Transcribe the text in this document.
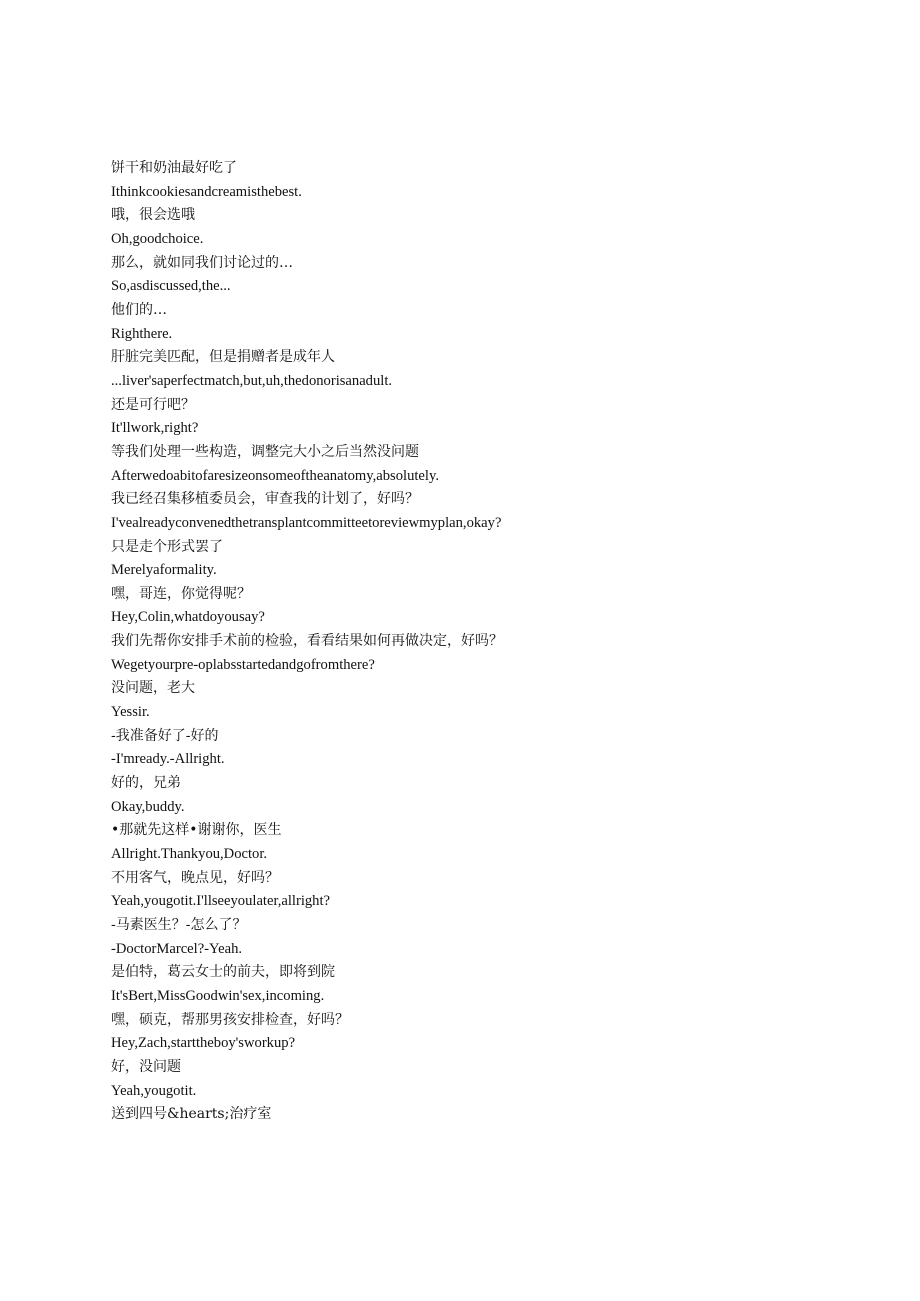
饼干和奶油最好吃了
Ithinkcookiesandcreamisthebest.
哦，很会选哦
Oh,goodchoice.
那么，就如同我们讨论过的…
So,asdiscussed,the...
他们的…
Righthere.
肝脏完美匹配，但是捐赠者是成年人
...liver'saperfectmatch,but,uh,thedonorisanadult.
还是可行吧？
It'llwork,right?
等我们处理一些构造，调整完大小之后当然没问题
Afterwedoabitofaresizeonsomeoftheanatomy,absolutely.
我已经召集移植委员会，审查我的计划了，好吗？
I'vealreadyconvenedthetransplantcommitteetoreviewmyplan,okay?
只是走个形式罢了
Merelyaformality.
嘿，哥连，你觉得呢？
Hey,Colin,whatdoyousay?
我们先帮你安排手术前的检验，看看结果如何再做决定，好吗？
Wegetyourpre-oplabsstartedandgofromthere?
没问题，老大
Yessir.
-我准备好了-好的
-I'mready.-Allright.
好的，兄弟
Okay,buddy.
•那就先这样•谢谢你，医生
Allright.Thankyou,Doctor.
不用客气，晚点见，好吗？
Yeah,yougotit.I'llseeyoulater,allright?
-马素医生？-怎么了？
-DoctorMarcel?-Yeah.
是伯特，葛云女士的前夫，即将到院
It'sBert,MissGoodwin'sex,incoming.
嘿，硕克，帮那男孩安排检查，好吗？
Hey,Zach,starttheboy'sworkup?
好，没问题
Yeah,yougotit.
送到四号&hearts;治疗室
